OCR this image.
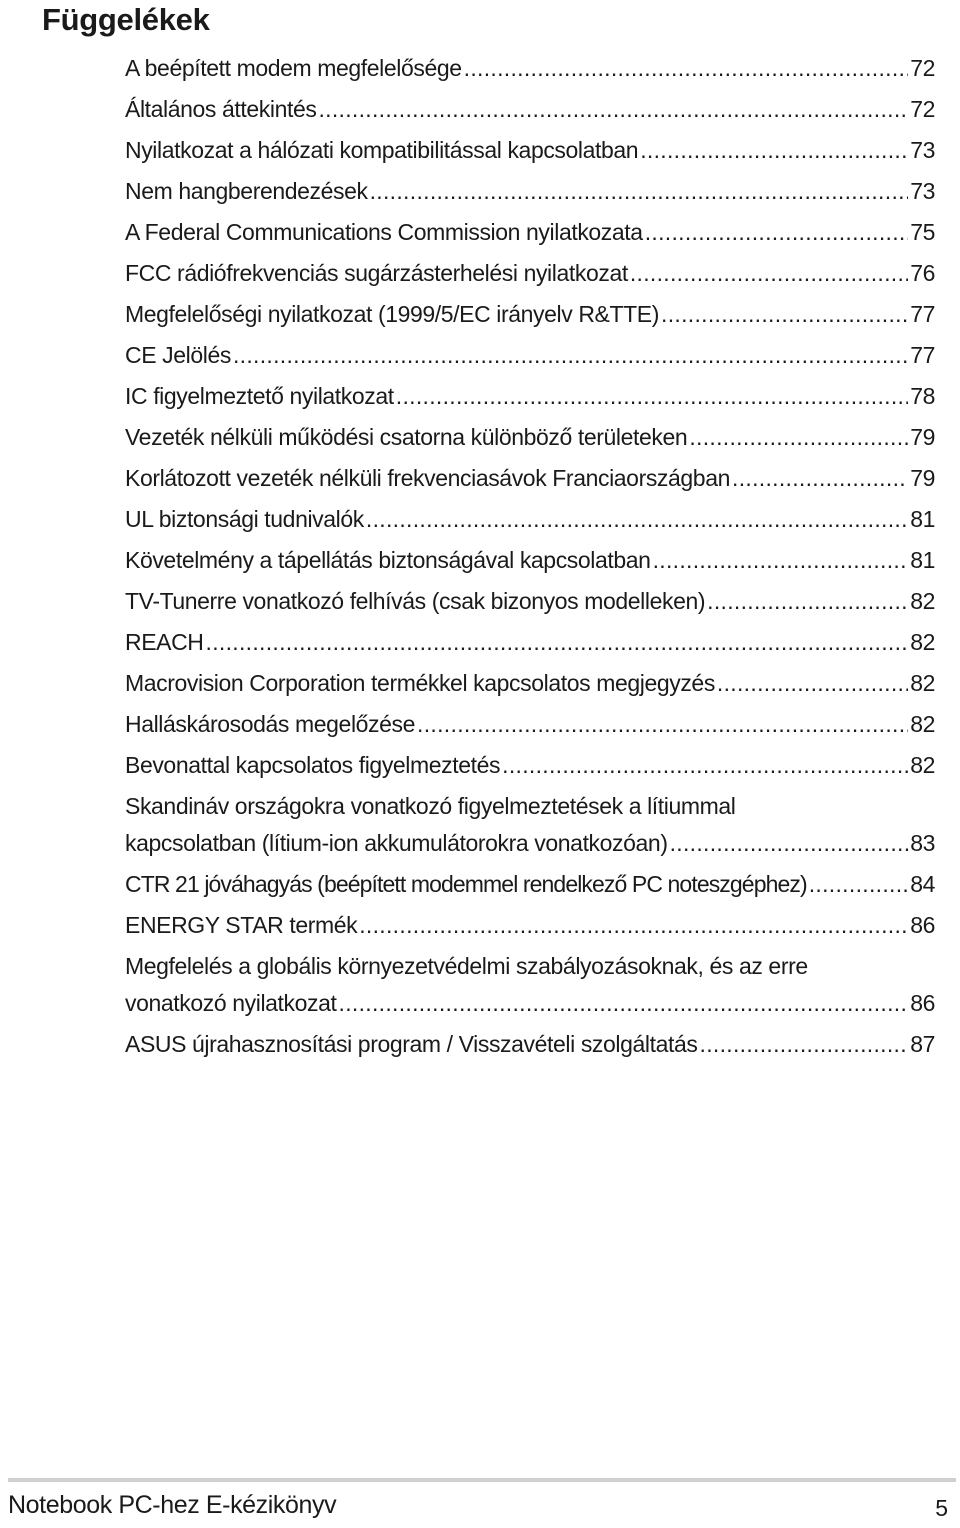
Függelékek
A beépített modem megfelelősége .....	72
Általános áttekintés .....	72
Nyilatkozat a hálózati kompatibilitással kapcsolatban .....	73
Nem hangberendezések .....	73
A Federal Communications Commission nyilatkozata .....	75
FCC rádiófrekvenciás sugárzásterhelési nyilatkozat .....	76
Megfelelőségi nyilatkozat (1999/5/EC irányelv R&TTE) .....	77
CE Jelölés .....	77
IC figyelmeztető nyilatkozat .....	78
Vezeték nélküli működési csatorna különböző területeken .....	79
Korlátozott vezeték nélküli frekvenciasávok Franciaországban .....	79
UL biztonsági tudnivalók .....	81
Követelmény a tápellátás biztonságával kapcsolatban .....	81
TV-Tunerre vonatkozó felhívás (csak bizonyos modelleken) .....	82
REACH .....	82
Macrovision Corporation termékkel kapcsolatos megjegyzés .....	82
Halláskárosodás megelőzése .....	82
Bevonattal kapcsolatos figyelmeztetés .....	82
Skandináv országokra vonatkozó figyelmeztetések a lítiummal
kapcsolatban (lítium-ion akkumulátorokra vonatkozóan) .....	83
CTR 21 jóváhagyás (beépített modemmel rendelkező PC noteszgéphez) .....	84
ENERGY STAR termék .....	86
Megfelelés a globális környezetvédelmi szabályozásoknak, és az erre
vonatkozó nyilatkozat .....	86
ASUS újrahasznosítási program / Visszavételi szolgáltatás .....	87
Notebook PC-hez E-kézikönyv	5
